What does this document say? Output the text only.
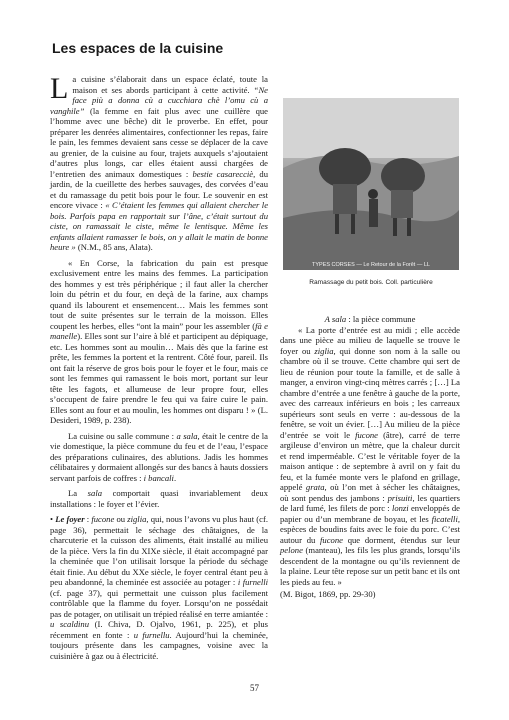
Les espaces de la cuisine

La cuisine s’élaborait dans un espace éclaté, toute la maison et ses abords participant à cette activité. “Ne face più a donna cù a cucchiara chè l’omu cù a vanghile” (la femme en fait plus avec une cuillère que l’homme avec une bêche) dit le proverbe. En effet, pour préparer les denrées alimentaires, confectionner les repas, faire le pain, les femmes devaient sans cesse se déplacer de la cave au grenier, de la cuisine au four, trajets auxquels s’ajoutaient d’autres plus longs, car elles étaient aussi chargées de l’entretien des animaux domestiques : bestie casarecciè, du jardin, de la cueillette des herbes sauvages, des corvées d’eau et du ramassage du petit bois pour le four. Le souvenir en est encore vivace : « C’étaient les femmes qui allaient chercher le bois. Parfois papa en rapportait sur l’âne, c’était surtout du ciste, on ramassait le ciste, même le lentisque. Même les enfants allaient ramasser le bois, on y allait le matin de bonne heure » (N.M., 85 ans, Alata).

« En Corse, la fabrication du pain est presque exclusivement entre les mains des femmes. La participation des hommes y est très périphérique ; il faut aller la chercher loin du pétrin et du four, en deçà de la farine, aux champs quand ils labourent et ensemencent… Mais les femmes sont tout de suite présentes sur le terrain de la moisson. Elles coupent les herbes, elles “ont la main” pour les assembler (fà e manelle). Elles sont sur l’aire à blé et participent au dépiquage, etc. Les hommes sont au moulin… Mais dès que la farine est prête, les femmes la portent et la rentrent. Côté four, pareil. Ils ont fait la réserve de gros bois pour le foyer et le four, mais ce sont les femmes qui ramassent le bois mort, portant sur leur tête les fagots, et allumeuse de leur propre four, elles s’occupent de faire prendre le feu qui va faire cuire le pain. Elles sont au four et au moulin, les hommes ont disparu ! » (L. Desideri, 1989, p. 238).

La cuisine ou salle commune : a sala, était le centre de la vie domestique, la pièce commune du feu et de l’eau, l’espace des préparations culinaires, des ablutions. Jadis les hommes célibataires y dormaient allongés sur des bancs à hauts dossiers servant parfois de coffres : i bancali.

La sala comportait quasi invariablement deux installations : le foyer et l’évier.

• Le foyer : fucone ou ziglia, qui, nous l’avons vu plus haut (cf. page 36), permettait le séchage des châtaignes, de la charcuterie et la cuisson des aliments, était installé au milieu de la pièce. Vers la fin du XIXe siècle, il était accompagné par la cheminée que l’on utilisait lorsque la période du séchage était finie. Au début du XXe siècle, le foyer central étant peu à peu abandonné, la cheminée est associée au potager : i furnelli (cf. page 37), qui permettait une cuisson plus facilement contrôlable que la flamme du foyer. Lorsqu’on ne possédait pas de potager, on utilisait un trépied réalisé en terre amiantée : u scaldinu (I. Chiva, D. Ojalvo, 1961, p. 225), et plus récemment en fonte : u furnellu. Aujourd’hui la cheminée, toujours présente dans les campagnes, voisine avec la cuisinière à gaz ou à électricité.

TYPES CORSES — Le Retour de la Forêt — LL
Ramassage du petit bois. Coll. particulière

A sala : la pièce commune

« La porte d’entrée est au midi ; elle accède dans une pièce au milieu de laquelle se trouve le foyer ou ziglia, qui donne son nom à la salle ou chambre où il se trouve. Cette chambre qui sert de lieu de réunion pour toute la famille, et de salle à manger, a environ vingt-cinq mètres carrés ; […] La chambre d’entrée a une fenêtre à gauche de la porte, avec des carreaux inférieurs en bois ; les carreaux supérieurs sont seuls en verre : au-dessous de la fenêtre, se voit un évier. […] Au milieu de la pièce d’entrée se voit le fucone (âtre), carré de terre argileuse d’environ un mètre, que la chaleur durcit et rend imperméable. C’est le véritable foyer de la maison antique : de septembre à avril on y fait du feu, et la fumée monte vers le plafond en grillage, appelé grata, où l’on met à sécher les châtaignes, où sont pendus des jambons : prisuiti, les quartiers de lard fumé, les filets de porc : lonzi enveloppés de papier ou d’un membrane de boyau, et les ficatelli, espèces de boudins faits avec le foie du porc. C’est autour du fucone que dorment, étendus sur leur pelone (manteau), les fils les plus grands, lorsqu’ils descendent de la montagne ou qu’ils reviennent de la plaine. Leur tête repose sur un petit banc et ils ont les pieds au feu. »

(M. Bigot, 1869, pp. 29-30)

57
